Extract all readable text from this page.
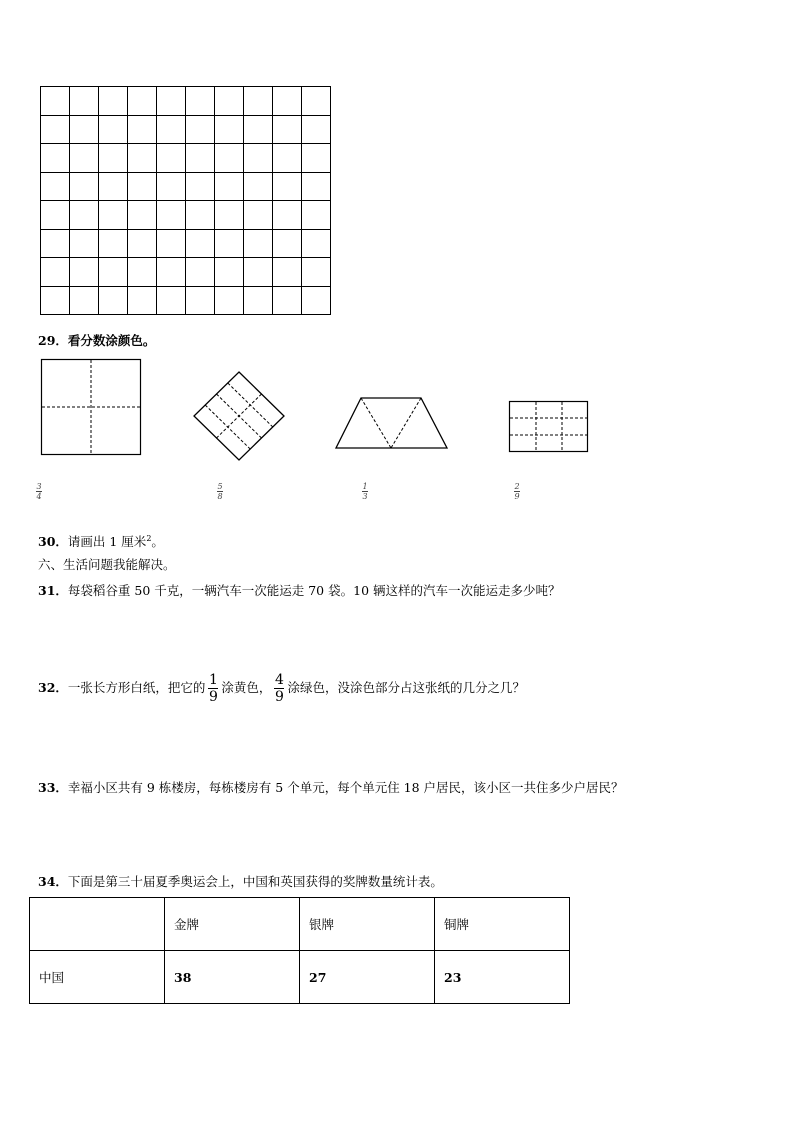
29．看分数涂颜色。
3
4
5
8
1
3
2
9
30．请画出 1 厘米$^2$。
六、生活问题我能解决。
31．每袋稻谷重 50 千克，一辆汽车一次能运走 70 袋。10 辆这样的汽车一次能运走多少吨？
32．一张长方形白纸，把它的 $\frac{1}{9}$ 涂黄色， $\frac{4}{9}$ 涂绿色，没涂色部分占这张纸的几分之几？
33．幸福小区共有 9 栋楼房，每栋楼房有 5 个单元，每个单元住 18 户居民，该小区一共住多少户居民？
34．下面是第三十届夏季奥运会上，中国和英国获得的奖牌数量统计表。
	金牌	银牌	铜牌
中国	38	27	23
